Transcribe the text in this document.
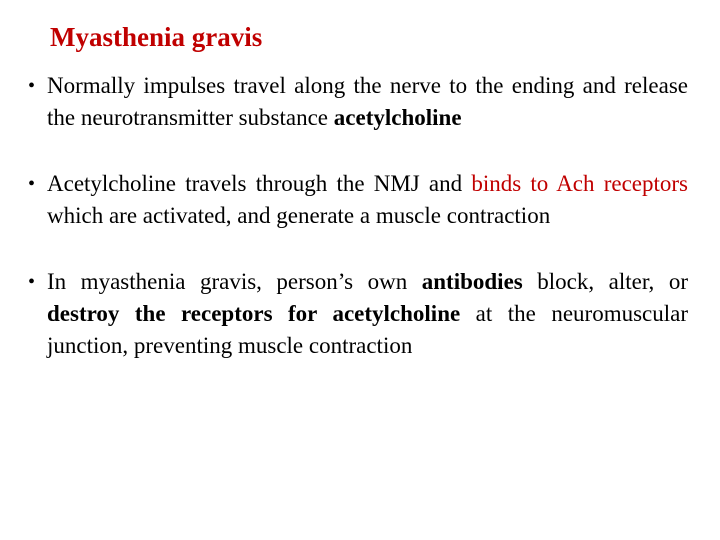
Myasthenia gravis
• Normally impulses travel along the nerve to the ending and release the neurotransmitter substance acetylcholine
• Acetylcholine travels through the NMJ and binds to Ach receptors which are activated, and generate a muscle contraction
• In myasthenia gravis, person’s own antibodies block, alter, or destroy the receptors for acetylcholine at the neuromuscular junction, preventing muscle contraction
